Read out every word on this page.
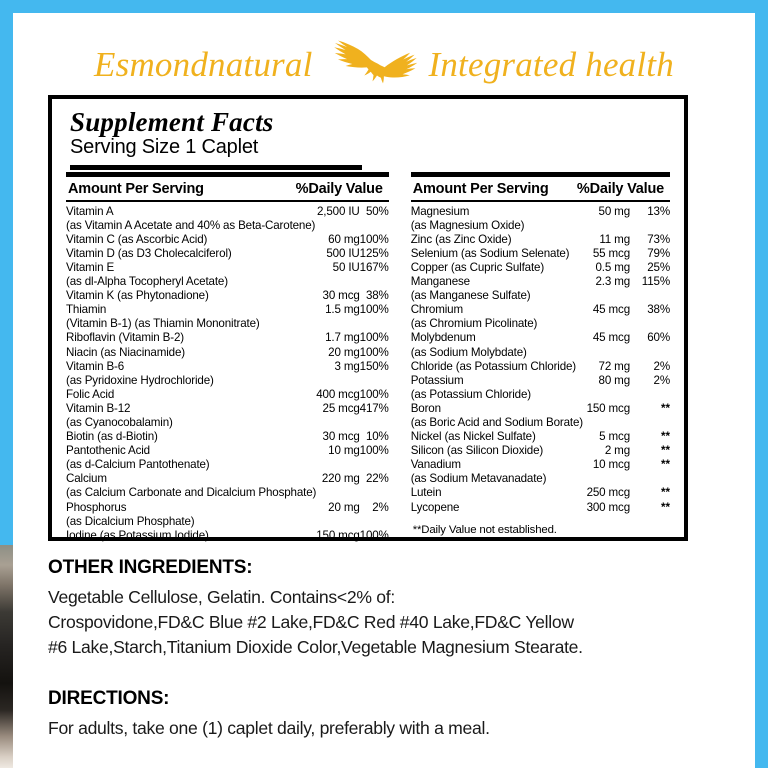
Esmondnatural	Integrated health
Supplement Facts
Serving Size 1 Caplet
Amount Per Serving	%Daily Value
Vitamin A	2,500 IU	50%
(as Vitamin A Acetate and 40% as Beta-Carotene)		
Vitamin C (as Ascorbic Acid)	60 mg	100%
Vitamin D (as D3 Cholecalciferol)	500 IU	125%
Vitamin E	50 IU	167%
(as dl-Alpha Tocopheryl Acetate)		
Vitamin K (as Phytonadione)	30 mcg	38%
Thiamin	1.5 mg	100%
(Vitamin B-1) (as Thiamin Mononitrate)		
Riboflavin (Vitamin B-2)	1.7 mg	100%
Niacin (as Niacinamide)	20 mg	100%
Vitamin B-6	3 mg	150%
(as Pyridoxine Hydrochloride)		
Folic Acid	400 mcg	100%
Vitamin B-12	25 mcg	417%
(as Cyanocobalamin)		
Biotin (as d-Biotin)	30 mcg	10%
Pantothenic Acid	10 mg	100%
(as d-Calcium Pantothenate)		
Calcium	220 mg	22%
(as Calcium Carbonate and Dicalcium Phosphate)		
Phosphorus	20 mg	2%
(as Dicalcium Phosphate)		
Iodine (as Potassium Iodide)	150 mcg	100%
Amount Per Serving %Daily Value
Magnesium	50 mg	13%
(as Magnesium Oxide)		
Zinc (as Zinc Oxide)	11 mg	73%
Selenium (as Sodium Selenate)	55 mcg	79%
Copper (as Cupric Sulfate)	0.5 mg	25%
Manganese	2.3 mg	115%
(as Manganese Sulfate)		
Chromium	45 mcg	38%
(as Chromium Picolinate)		
Molybdenum	45 mcg	60%
(as Sodium Molybdate)		
Chloride (as Potassium Chloride)	72 mg	2%
Potassium	80 mg	2%
(as Potassium Chloride)		
Boron	150 mcg	**
(as Boric Acid and Sodium Borate)		
Nickel (as Nickel Sulfate)	5 mcg	**
Silicon (as Silicon Dioxide)	2 mg	**
Vanadium	10 mcg	**
(as Sodium Metavanadate)		
Lutein	250 mcg	**
Lycopene	300 mcg	**
**Daily Value not established.

OTHER INGREDIENTS:

Vegetable Cellulose, Gelatin. Contains<2% of:

Crospovidone,FD&C Blue #2 Lake,FD&C Red #40 Lake,FD&C Yellow

#6 Lake,Starch,Titanium Dioxide Color,Vegetable Magnesium Stearate.

DIRECTIONS:

For adults, take one (1) caplet daily, preferably with a meal.
